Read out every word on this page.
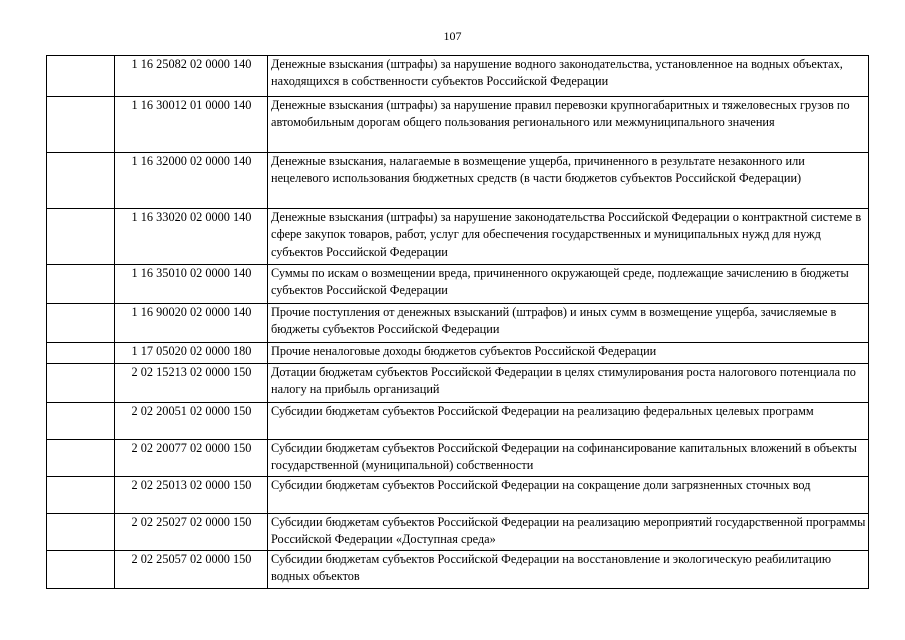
107
	1 16 25082 02 0000 140	Денежные взыскания (штрафы) за нарушение водного законодательства, установленное на водных объектах, находящихся в собственности субъектов Российской Федерации
	1 16 30012 01 0000 140	Денежные взыскания (штрафы) за нарушение правил перевозки крупногабаритных и тяжеловесных грузов по автомобильным дорогам общего пользования регионального или межмуниципального значения
	1 16 32000 02 0000 140	Денежные взыскания, налагаемые в возмещение ущерба, причиненного в результате незаконного или нецелевого использования бюджетных средств (в части бюджетов субъектов Российской Федерации)
	1 16 33020 02 0000 140	Денежные взыскания (штрафы) за нарушение законодательства Российской Федерации о контрактной системе в сфере закупок товаров, работ, услуг для обеспечения государственных и муниципальных нужд для нужд субъектов Российской Федерации
	1 16 35010 02 0000 140	Суммы по искам о возмещении вреда, причиненного окружающей среде, подлежащие зачислению в бюджеты субъектов Российской Федерации
	1 16 90020 02 0000 140	Прочие поступления от денежных взысканий (штрафов) и иных сумм в возмещение ущерба, зачисляемые в бюджеты субъектов Российской Федерации
	1 17 05020 02 0000 180	Прочие неналоговые доходы бюджетов субъектов Российской Федерации
	2 02 15213 02 0000 150	Дотации бюджетам субъектов Российской Федерации в целях стимулирования роста налогового потенциала по налогу на прибыль организаций
	2 02 20051 02 0000 150	Субсидии бюджетам субъектов Российской Федерации на реализацию федеральных целевых программ
	2 02 20077 02 0000 150	Субсидии бюджетам субъектов Российской Федерации на софинансирование капитальных вложений в объекты государственной (муниципальной) собственности
	2 02 25013 02 0000 150	Субсидии бюджетам субъектов Российской Федерации на сокращение доли загрязненных сточных вод
	2 02 25027 02 0000 150	Субсидии бюджетам субъектов Российской Федерации на реализацию мероприятий государственной программы Российской Федерации «Доступная среда»
	2 02 25057 02 0000 150	Субсидии бюджетам субъектов Российской Федерации на восстановление и экологическую реабилитацию водных объектов
